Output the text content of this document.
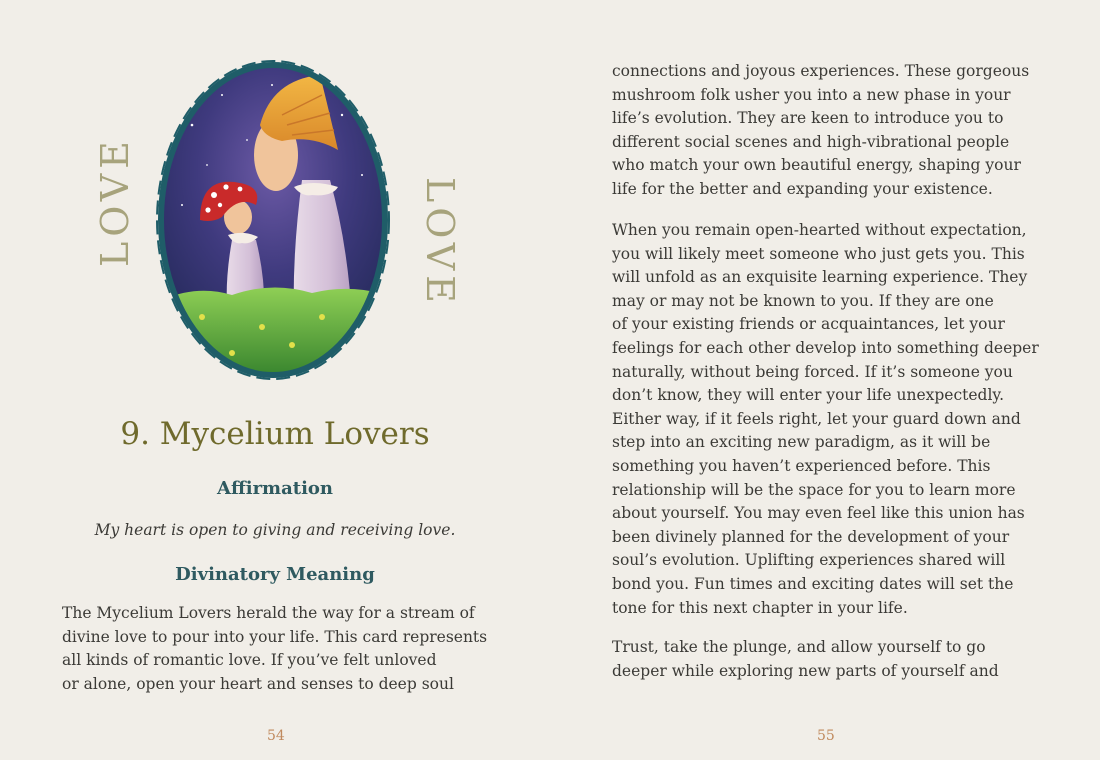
LOVE	LOVE
9. Mycelium Lovers
Affirmation
My heart is open to giving and receiving love.
Divinatory Meaning
The Mycelium Lovers herald the way for a stream of
divine love to pour into your life. This card represents
all kinds of romantic love. If you’ve felt unloved
or alone, open your heart and senses to deep soul
54
connections and joyous experiences. These gorgeous
mushroom folk usher you into a new phase in your
life’s evolution. They are keen to introduce you to
different social scenes and high-vibrational people
who match your own beautiful energy, shaping your
life for the better and expanding your existence.
When you remain open-hearted without expectation,
you will likely meet someone who just gets you. This
will unfold as an exquisite learning experience. They
may or may not be known to you. If they are one
of your existing friends or acquaintances, let your
feelings for each other develop into something deeper
naturally, without being forced. If it’s someone you
don’t know, they will enter your life unexpectedly.
Either way, if it feels right, let your guard down and
step into an exciting new paradigm, as it will be
something you haven’t experienced before. This
relationship will be the space for you to learn more
about yourself. You may even feel like this union has
been divinely planned for the development of your
soul’s evolution. Uplifting experiences shared will
bond you. Fun times and exciting dates will set the
tone for this next chapter in your life.
Trust, take the plunge, and allow yourself to go
deeper while exploring new parts of yourself and
55
